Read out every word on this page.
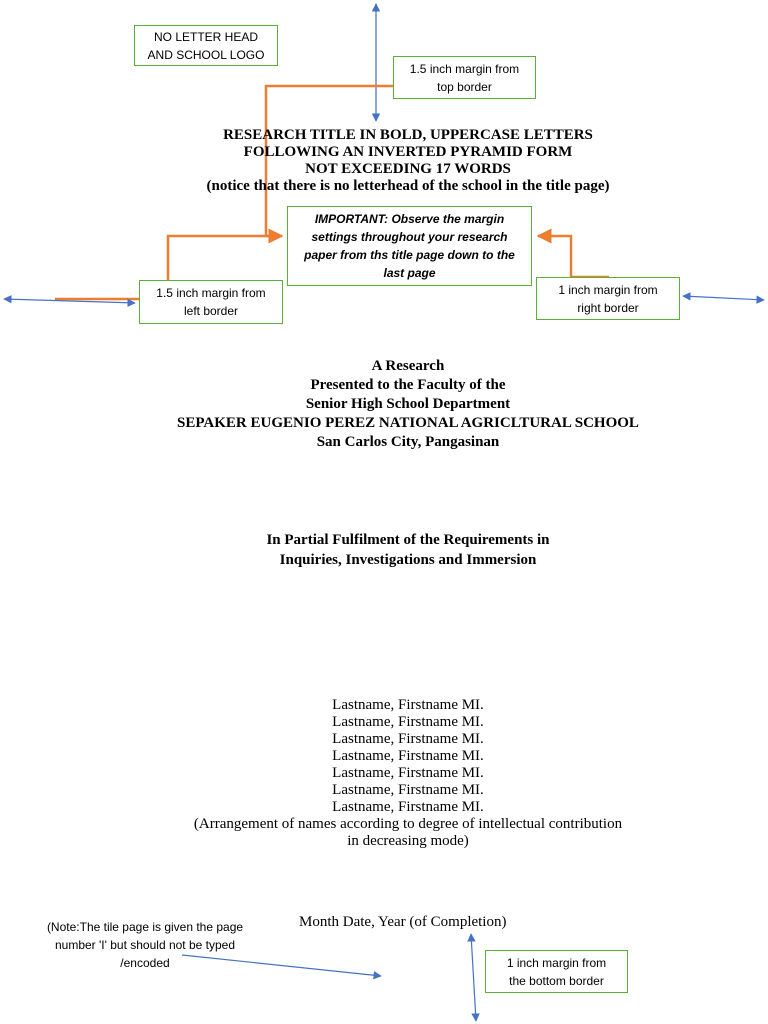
NO LETTER HEAD
AND SCHOOL LOGO
1.5 inch margin from
top border
IMPORTANT: Observe the margin
settings throughout your research
paper from ths title page down to the
last page
1.5 inch margin from
left border
1 inch margin from
right border
1 inch margin from
the bottom border
RESEARCH TITLE IN BOLD, UPPERCASE LETTERS
FOLLOWING AN INVERTED PYRAMID FORM
NOT EXCEEDING 17 WORDS
(notice that there is no letterhead of the school in the title page)
A Research
Presented to the Faculty of the
Senior High School Department
SEPAKER EUGENIO PEREZ NATIONAL AGRICLTURAL SCHOOL
San Carlos City, Pangasinan
In Partial Fulfilment of the Requirements in
Inquiries, Investigations and Immersion
Lastname, Firstname MI.
Lastname, Firstname MI.
Lastname, Firstname MI.
Lastname, Firstname MI.
Lastname, Firstname MI.
Lastname, Firstname MI.
Lastname, Firstname MI.
(Arrangement of names according to degree of intellectual contribution
in decreasing mode)
Month Date, Year (of Completion)
(Note:The tile page is given the page
number 'I' but should not be typed
/encoded
